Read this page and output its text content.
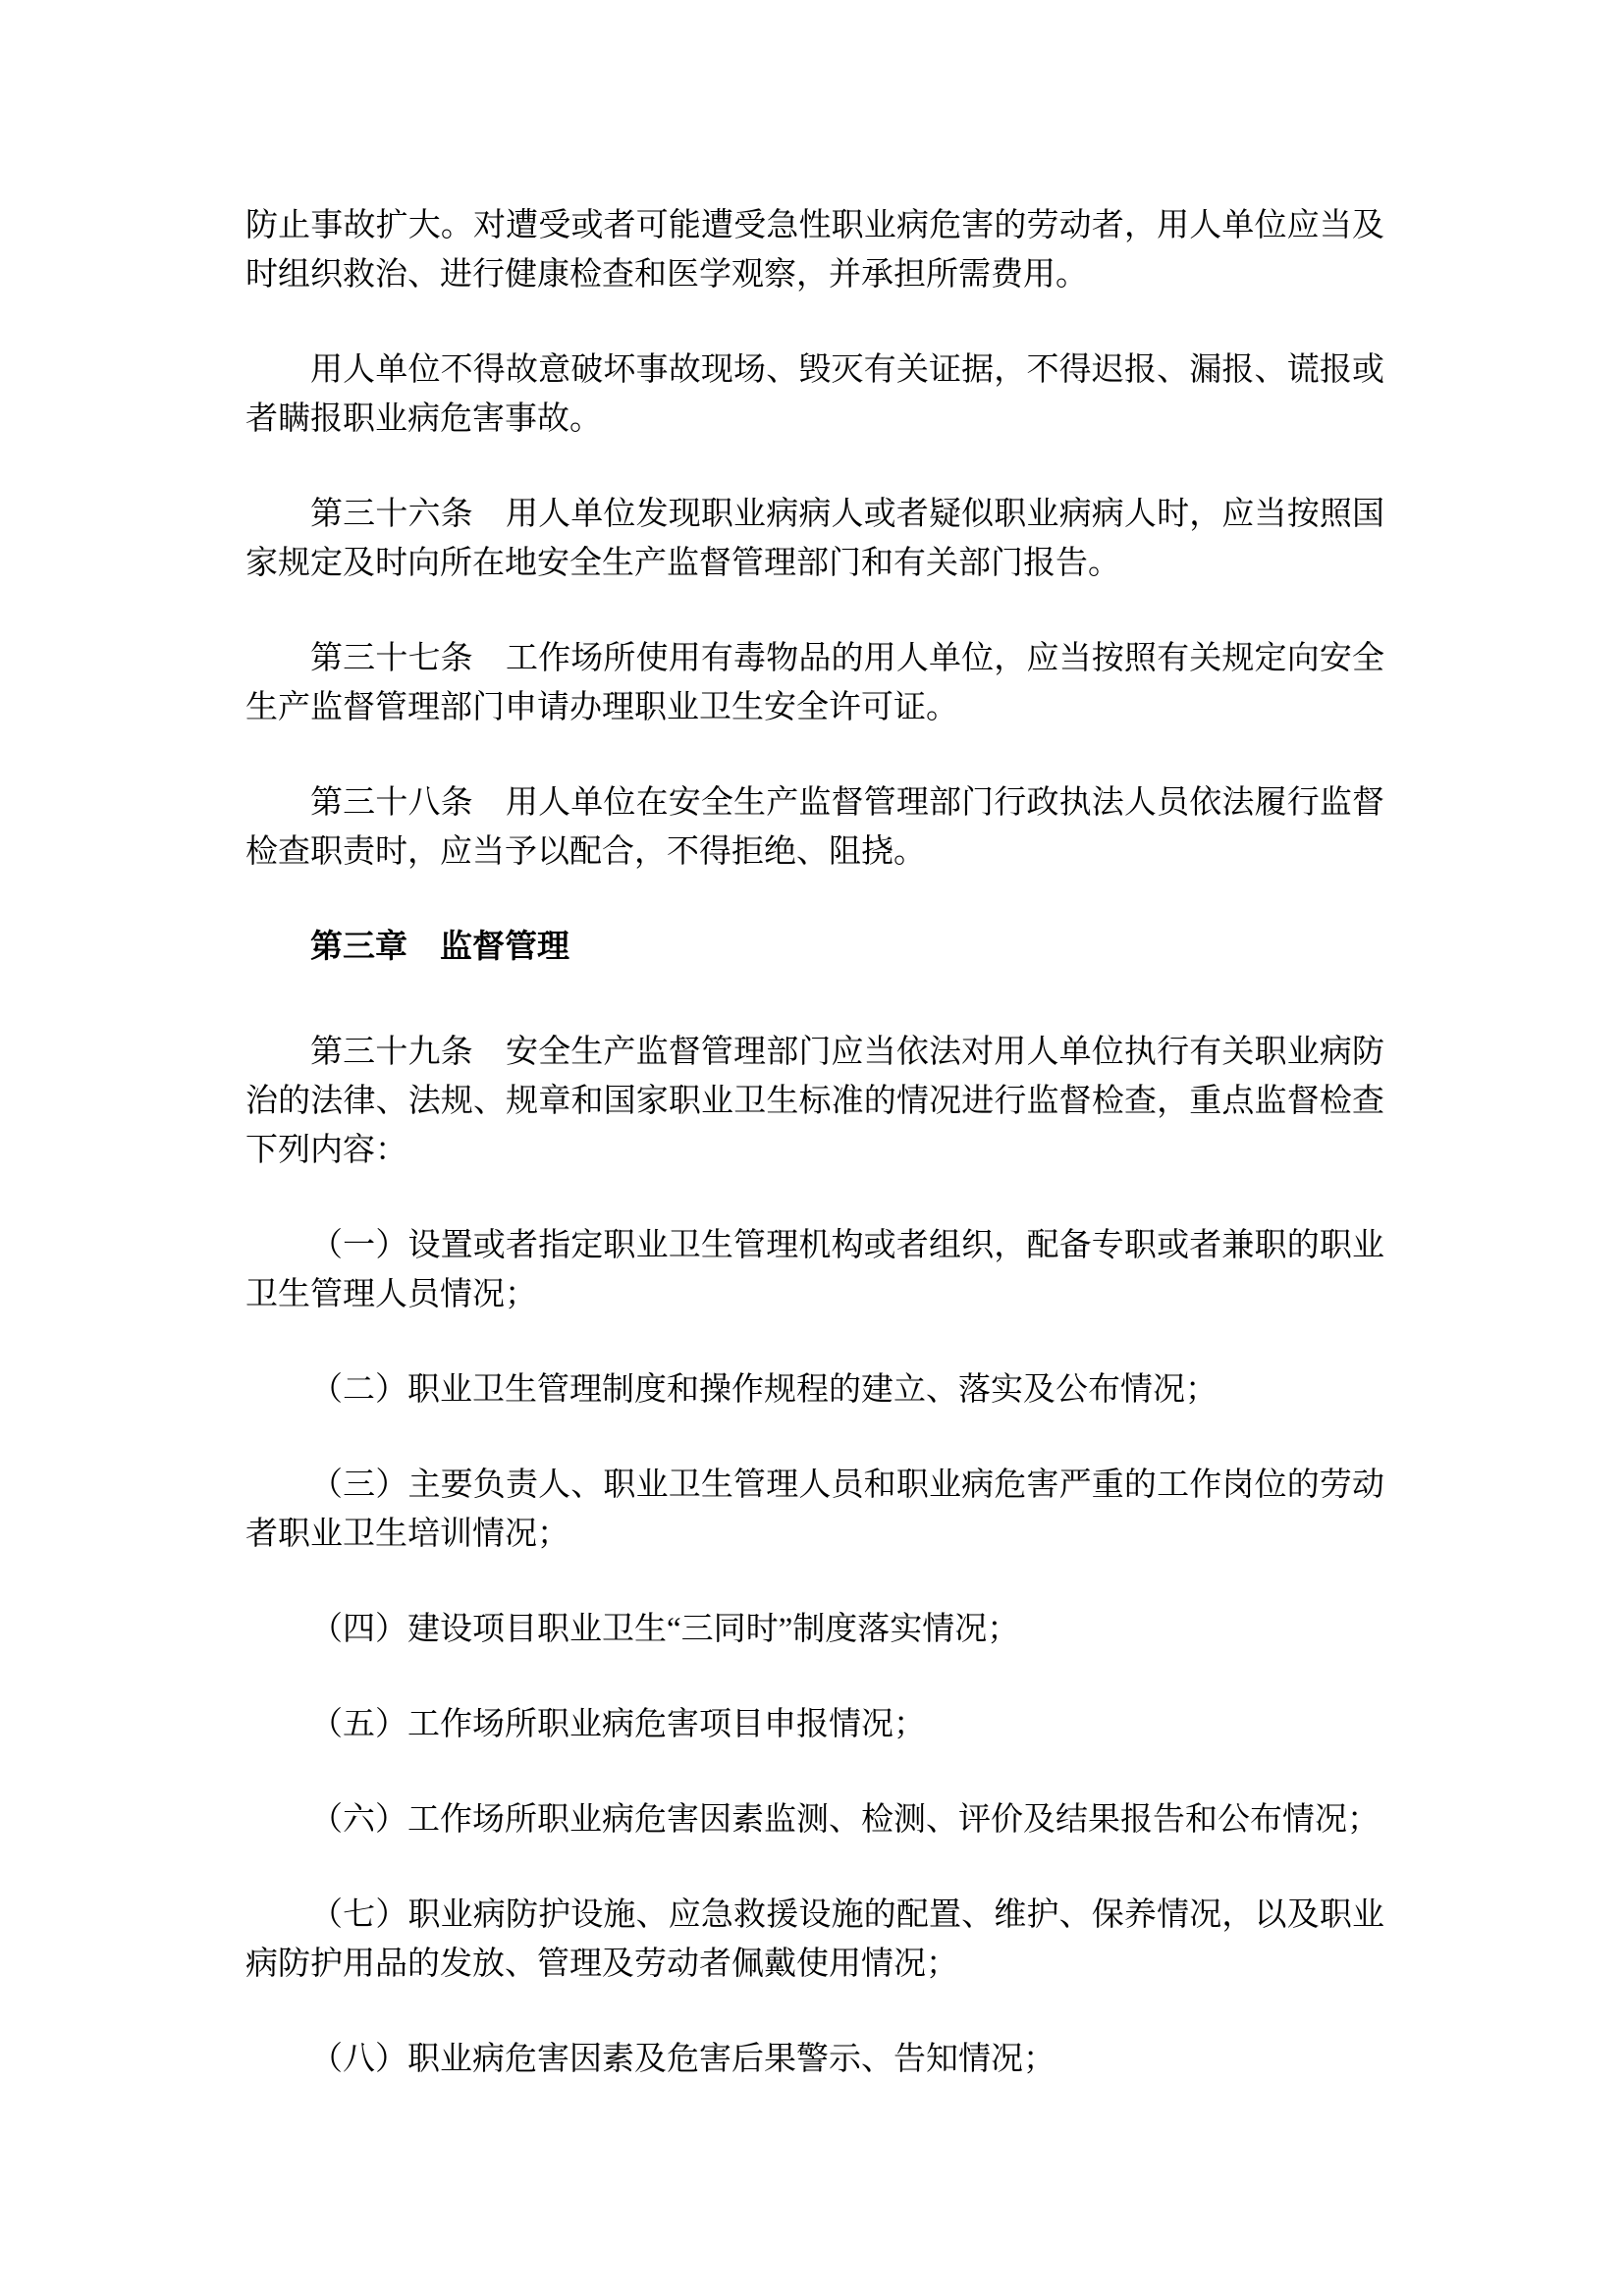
防止事故扩大。对遭受或者可能遭受急性职业病危害的劳动者，用人单位应当及时组织救治、进行健康检查和医学观察，并承担所需费用。

用人单位不得故意破坏事故现场、毁灭有关证据，不得迟报、漏报、谎报或者瞒报职业病危害事故。

第三十六条　用人单位发现职业病病人或者疑似职业病病人时，应当按照国家规定及时向所在地安全生产监督管理部门和有关部门报告。

第三十七条　工作场所使用有毒物品的用人单位，应当按照有关规定向安全生产监督管理部门申请办理职业卫生安全许可证。

第三十八条　用人单位在安全生产监督管理部门行政执法人员依法履行监督检查职责时，应当予以配合，不得拒绝、阻挠。

第三章　监督管理

第三十九条　安全生产监督管理部门应当依法对用人单位执行有关职业病防治的法律、法规、规章和国家职业卫生标准的情况进行监督检查，重点监督检查下列内容：

（一）设置或者指定职业卫生管理机构或者组织，配备专职或者兼职的职业卫生管理人员情况；

（二）职业卫生管理制度和操作规程的建立、落实及公布情况；

（三）主要负责人、职业卫生管理人员和职业病危害严重的工作岗位的劳动者职业卫生培训情况；

（四）建设项目职业卫生“三同时”制度落实情况；

（五）工作场所职业病危害项目申报情况；

（六）工作场所职业病危害因素监测、检测、评价及结果报告和公布情况；

（七）职业病防护设施、应急救援设施的配置、维护、保养情况，以及职业病防护用品的发放、管理及劳动者佩戴使用情况；

（八）职业病危害因素及危害后果警示、告知情况；
